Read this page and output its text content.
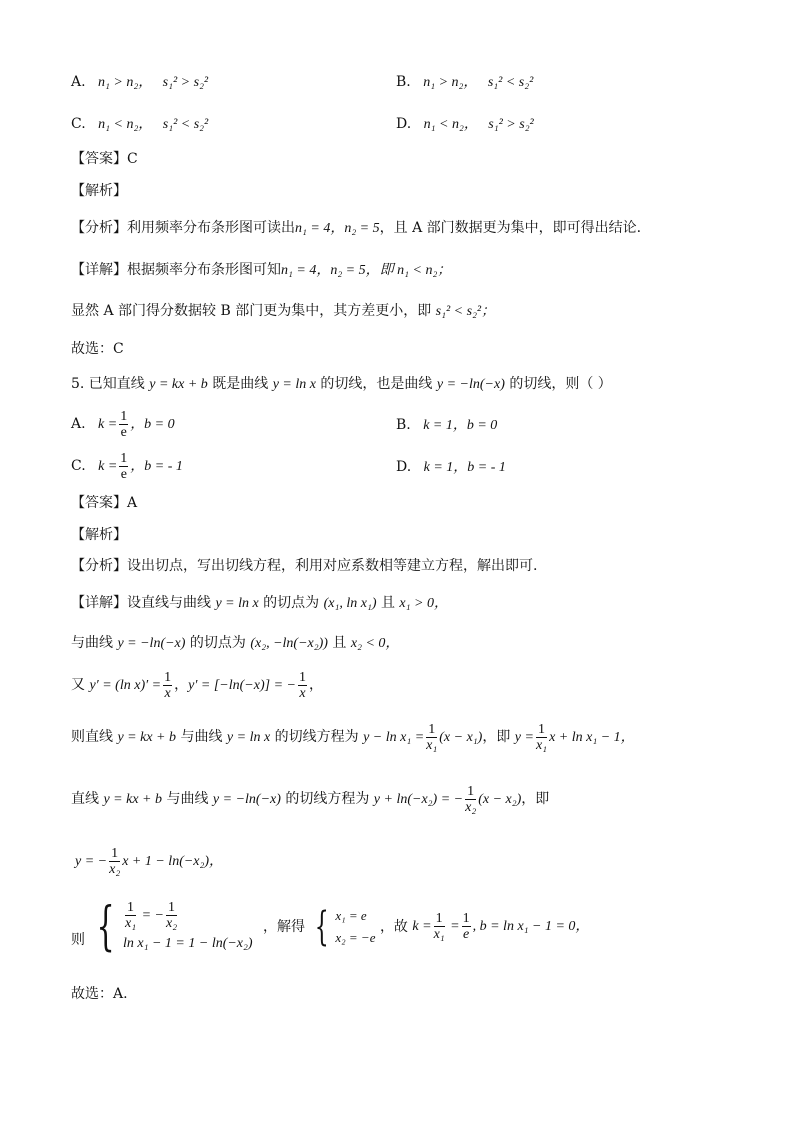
A. n₁ > n₂， s₁² > s₂²	B. n₁ > n₂， s₁² < s₂²
C. n₁ < n₂， s₁² < s₂²	D. n₁ < n₂， s₁² > s₂²
【答案】C
【解析】
【分析】利用频率分布条形图可读出n₁ = 4，n₂ = 5，且 A 部门数据更为集中，即可得出结论.
【详解】根据频率分布条形图可知n₁ = 4，n₂ = 5，即 n₁ < n₂；
显然 A 部门得分数据较 B 部门更为集中，其方差更小，即 s₁² < s₂²；
故选：C
5. 已知直线 y = kx + b 既是曲线 y = ln x 的切线，也是曲线 y = −ln(−x) 的切线，则（ ）
A. $k = \frac{1}{e}$ ，b = 0	B. k = 1，b = 0
C. $k = \frac{1}{e}$ ，b = - 1	D. k = 1，b = - 1
【答案】A
【解析】
【分析】设出切点，写出切线方程，利用对应系数相等建立方程，解出即可.
【详解】设直线与曲线 y = ln x 的切点为 (x₁, ln x₁) 且 x₁ > 0，
与曲线 y = −ln(−x) 的切点为 (x₂, −ln(−x₂)) 且 x₂ < 0，
又 y′ = (ln $x)' = \frac{1}{x}$ ，y′ = [−ln(−x)] = − $\frac{1}{x}$ ，
则直线 y = kx + b 与曲线 y = ln x 的切线方程为 $y - \ln x_1 = \frac{1}{\text{x₁}} (x - x_1)$，即 $y = \frac{1}{\text{x₁}}$ x + ln x₁ − 1，
直线 y = kx + b 与曲线 y = −ln(−x) 的切线方程为 y + ln(−x₂) = − $\frac{1}{\text{x₂}} (x - x_2)$，即
y = − $\frac{1}{\text{x₂}}$ x + 1 − ln(−x₂)，
则 { $\frac{1}{\text{x₁}}$ = − $\frac{1}{\text{x₂}}$
ln x₁ − 1 = 1 − ln(−x₂)
，解得 { x₁ = e
x₂ = −e
，故 $k = \frac{1}{\text{x₁}} = \frac{1}{e}$ , b = ln x₁ − 1 = 0，
故选：A.
